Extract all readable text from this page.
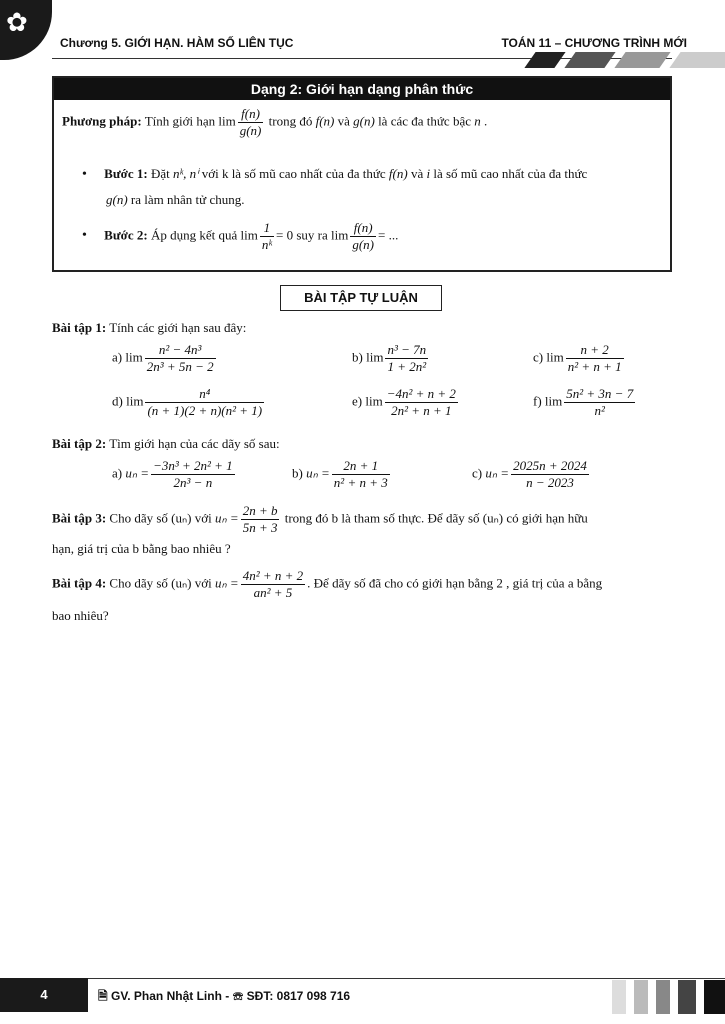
✿
Chương 5. GIỚI HẠN. HÀM SỐ LIÊN TỤC	TOÁN 11 – CHƯƠNG TRÌNH MỚI
Dạng 2: Giới hạn dạng phân thức
Phương pháp: Tính giới hạn $\lim \frac{f(n)}{g(n)}$ trong đó f(n) và g(n) là các đa thức bậc n .
• Bước 1: Đặt nᵏ, nⁱ với k là số mũ cao nhất của đa thức f(n) và i là số mũ cao nhất của đa thức
g(n) ra làm nhân tử chung.
• Bước 2: Áp dụng kết quả $\lim \frac{1}{\text{nᵏ}} = 0$ suy ra $\lim \frac{f(n)}{g(n)}$ = ...
BÀI TẬP TỰ LUẬN
Bài tập 1: Tính các giới hạn sau đây:
a) $\lim \frac{\text{n² − 4n³}}{\text{2n³ + 5n − 2}}$	b) $\lim \frac{\text{n³ − 7n}}{\text{1 + 2n²}}$	c) $\lim \frac{n + 2}{\text{n² + n + 1}}$
d) $\lim \frac{\text{n⁴}}{\text{(n + 1)(2 + n)(n² + 1)}}$	e) $\lim \frac{\text{−4n² + n + 2}}{\text{2n² + n + 1}}$	f) $\lim \frac{\text{5n² + 3n − 7}}{\text{n²}}$
Bài tập 2: Tìm giới hạn của các dãy số sau:
a) $u_n = \frac{\text{−3n³ + 2n² + 1}}{\text{2n³ − n}}$	b) $u_n = \frac{2n + 1}{\text{n² + n + 3}}$	c) $u_n = \frac{2025n + 2024}{n - 2023}$
Bài tập 3: Cho dãy số (uₙ) với $u_n = \frac{2n + b}{5n + 3}$ trong đó b là tham số thực. Để dãy số (uₙ) có giới hạn hữu
hạn, giá trị của b bằng bao nhiêu ?
Bài tập 4: Cho dãy số (uₙ) với $u_n = \frac{\text{4n² + n + 2}}{\text{an² + 5}}$ . Để dãy số đã cho có giới hạn bằng 2 , giá trị của a bằng
bao nhiêu?
4	🗎 GV. Phan Nhật Linh - ☏ SĐT: 0817 098 716
